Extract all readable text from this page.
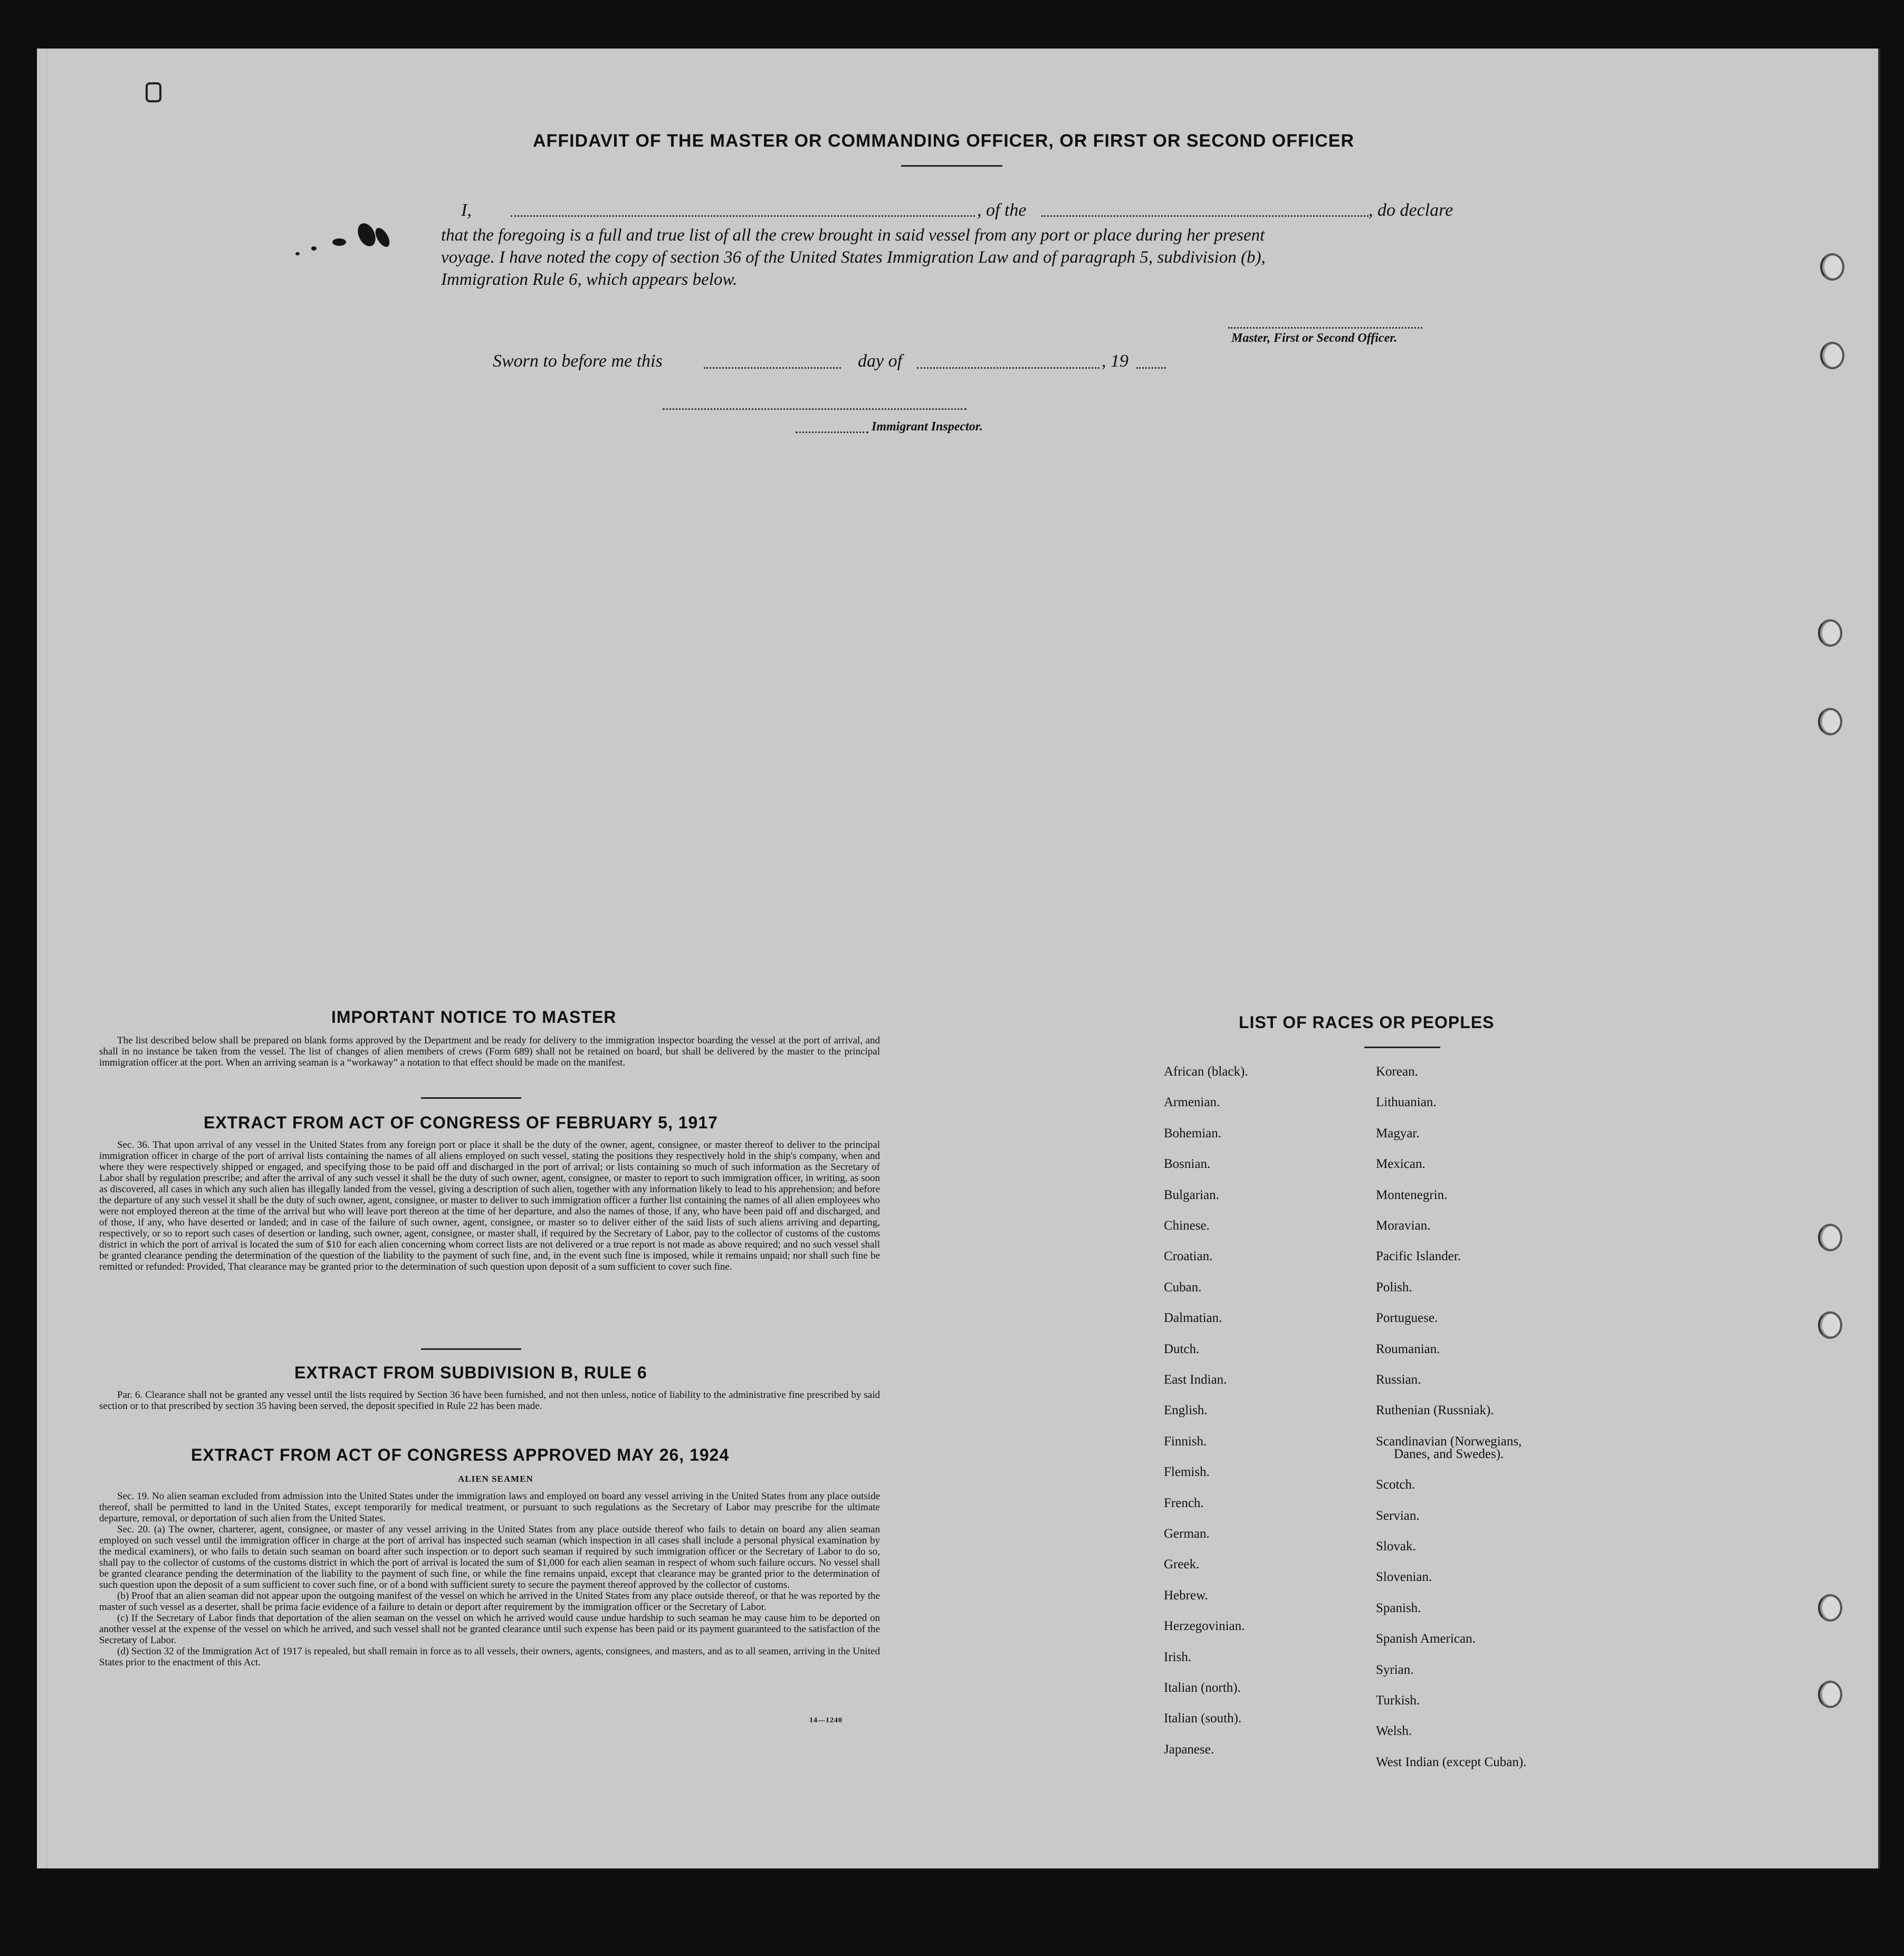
AFFIDAVIT OF THE MASTER OR COMMANDING OFFICER, OR FIRST OR SECOND OFFICER
I,	, of the	, do declare
that the foregoing is a full and true list of all the crew brought in said vessel from any port or place during her present
voyage. I have noted the copy of section 36 of the United States Immigration Law and of paragraph 5, subdivision (b),
Immigration Rule 6, which appears below.
Master, First or Second Officer.
Sworn to before me this	day of	, 19
Immigrant Inspector.
IMPORTANT NOTICE TO MASTER
The list described below shall be prepared on blank forms approved by the Department and be ready for delivery to the immigration inspector boarding the vessel at the port of arrival, and shall in no instance be taken from the vessel. The list of changes of alien members of crews (Form 689) shall not be retained on board, but shall be delivered by the master to the principal immigration officer at the port. When an arriving seaman is a “workaway” a notation to that effect should be made on the manifest.
EXTRACT FROM ACT OF CONGRESS OF FEBRUARY 5, 1917
Sec. 36. That upon arrival of any vessel in the United States from any foreign port or place it shall be the duty of the owner, agent, consignee, or master thereof to deliver to the principal immigration officer in charge of the port of arrival lists containing the names of all aliens employed on such vessel, stating the positions they respectively hold in the ship's company, when and where they were respectively shipped or engaged, and specifying those to be paid off and discharged in the port of arrival; or lists containing so much of such information as the Secretary of Labor shall by regulation prescribe; and after the arrival of any such vessel it shall be the duty of such owner, agent, consignee, or master to report to such immigration officer, in writing, as soon as discovered, all cases in which any such alien has illegally landed from the vessel, giving a description of such alien, together with any information likely to lead to his apprehension; and before the departure of any such vessel it shall be the duty of such owner, agent, consignee, or master to deliver to such immigration officer a further list containing the names of all alien employees who were not employed thereon at the time of the arrival but who will leave port thereon at the time of her departure, and also the names of those, if any, who have been paid off and discharged, and of those, if any, who have deserted or landed; and in case of the failure of such owner, agent, consignee, or master so to deliver either of the said lists of such aliens arriving and departing, respectively, or so to report such cases of desertion or landing, such owner, agent, consignee, or master shall, if required by the Secretary of Labor, pay to the collector of customs of the customs district in which the port of arrival is located the sum of $10 for each alien concerning whom correct lists are not delivered or a true report is not made as above required; and no such vessel shall be granted clearance pending the determination of the question of the liability to the payment of such fine, and, in the event such fine is imposed, while it remains unpaid; nor shall such fine be remitted or refunded: Provided, That clearance may be granted prior to the determination of such question upon deposit of a sum sufficient to cover such fine.
EXTRACT FROM SUBDIVISION B, RULE 6
Par. 6. Clearance shall not be granted any vessel until the lists required by Section 36 have been furnished, and not then unless, notice of liability to the administrative fine prescribed by said section or to that prescribed by section 35 having been served, the deposit specified in Rule 22 has been made.
EXTRACT FROM ACT OF CONGRESS APPROVED MAY 26, 1924
ALIEN SEAMEN

Sec. 19. No alien seaman excluded from admission into the United States under the immigration laws and employed on board any vessel arriving in the United States from any place outside thereof, shall be permitted to land in the United States, except temporarily for medical treatment, or pursuant to such regulations as the Secretary of Labor may prescribe for the ultimate departure, removal, or deportation of such alien from the United States.

Sec. 20. (a) The owner, charterer, agent, consignee, or master of any vessel arriving in the United States from any place outside thereof who fails to detain on board any alien seaman employed on such vessel until the immigration officer in charge at the port of arrival has inspected such seaman (which inspection in all cases shall include a personal physical examination by the medical examiners), or who fails to detain such seaman on board after such inspection or to deport such seaman if required by such immigration officer or the Secretary of Labor to do so, shall pay to the collector of customs of the customs district in which the port of arrival is located the sum of $1,000 for each alien seaman in respect of whom such failure occurs. No vessel shall be granted clearance pending the determination of the liability to the payment of such fine, or while the fine remains unpaid, except that clearance may be granted prior to the determination of such question upon the deposit of a sum sufficient to cover such fine, or of a bond with sufficient surety to secure the payment thereof approved by the collector of customs.

(b) Proof that an alien seaman did not appear upon the outgoing manifest of the vessel on which he arrived in the United States from any place outside thereof, or that he was reported by the master of such vessel as a deserter, shall be prima facie evidence of a failure to detain or deport after requirement by the immigration officer or the Secretary of Labor.

(c) If the Secretary of Labor finds that deportation of the alien seaman on the vessel on which he arrived would cause undue hardship to such seaman he may cause him to be deported on another vessel at the expense of the vessel on which he arrived, and such vessel shall not be granted clearance until such expense has been paid or its payment guaranteed to the satisfaction of the Secretary of Labor.

(d) Section 32 of the Immigration Act of 1917 is repealed, but shall remain in force as to all vessels, their owners, agents, consignees, and masters, and as to all seamen, arriving in the United States prior to the enactment of this Act.

14—1240
LIST OF RACES OR PEOPLES
African (black).
Armenian.
Bohemian.
Bosnian.
Bulgarian.
Chinese.
Croatian.
Cuban.
Dalmatian.
Dutch.
East Indian.
English.
Finnish.
Flemish.
French.
German.
Greek.
Hebrew.
Herzegovinian.
Irish.
Italian (north).
Italian (south).
Japanese.
Korean.
Lithuanian.
Magyar.
Mexican.
Montenegrin.
Moravian.
Pacific Islander.
Polish.
Portuguese.
Roumanian.
Russian.
Ruthenian (Russniak).
Scandinavian (Norwegians,
Danes, and Swedes).
Scotch.
Servian.
Slovak.
Slovenian.
Spanish.
Spanish American.
Syrian.
Turkish.
Welsh.
West Indian (except Cuban).
